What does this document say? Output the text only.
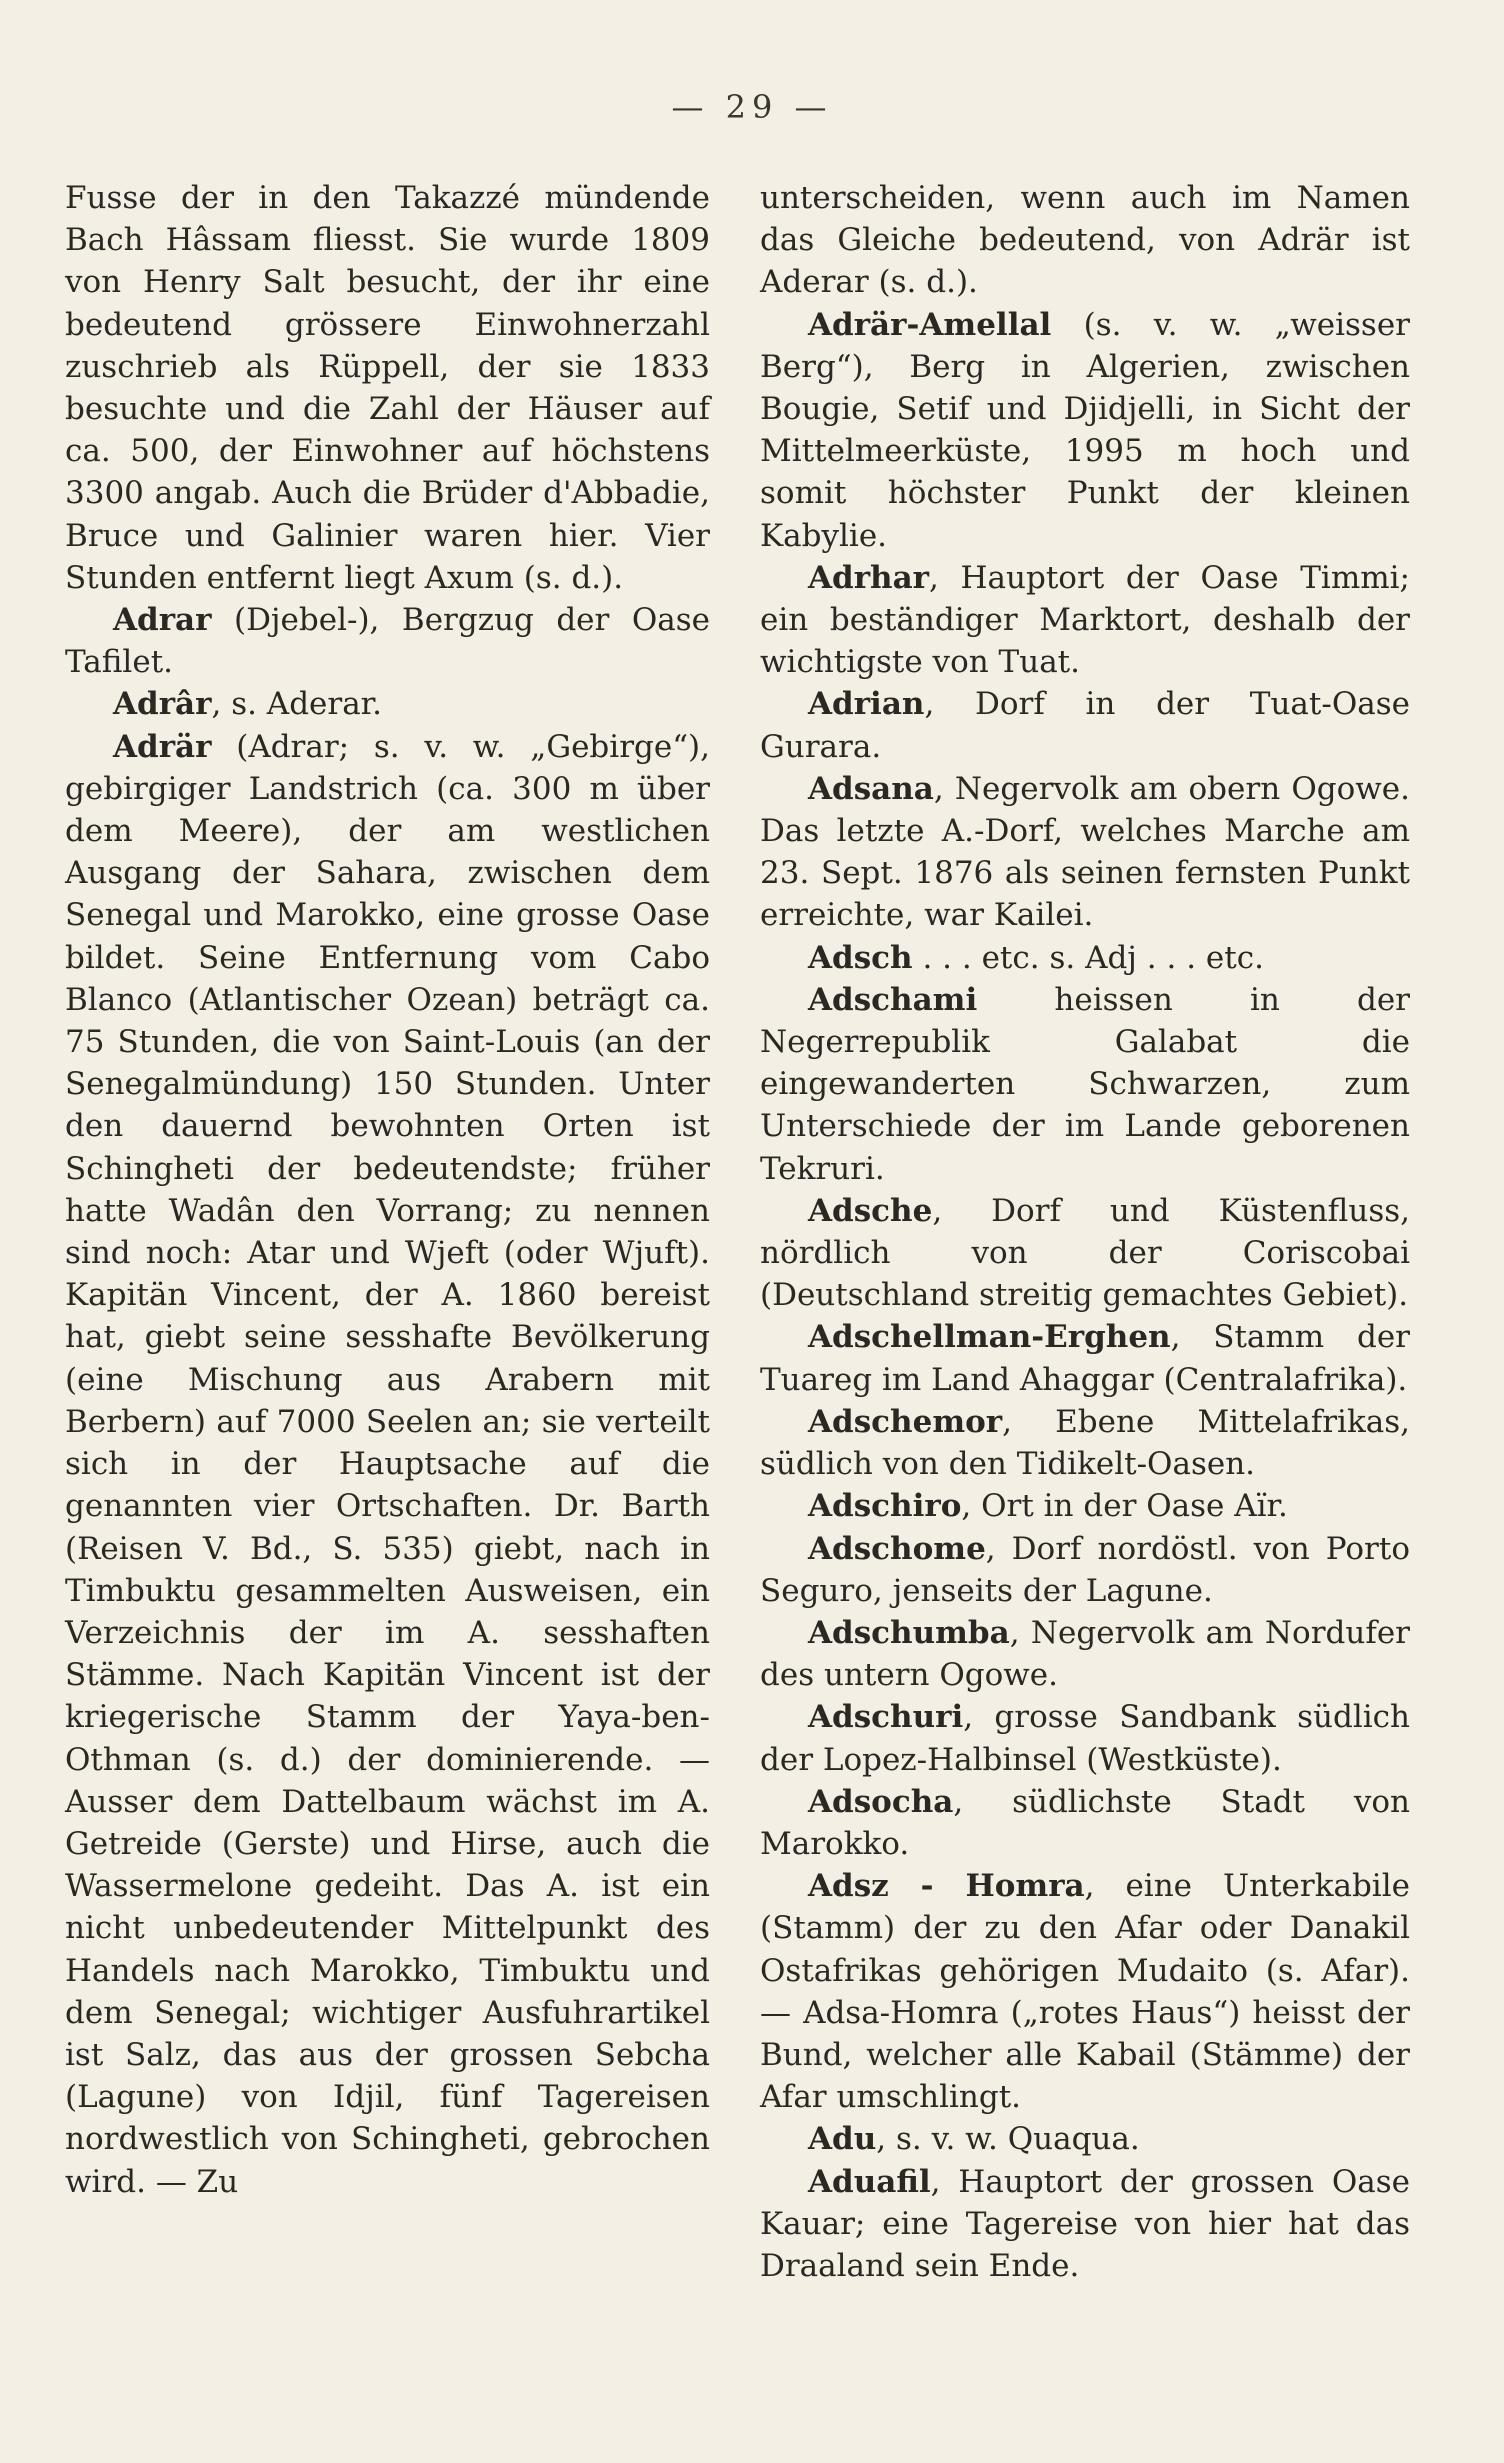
— 29 —

Fusse der in den Takazzé mündende Bach Hâssam fliesst. Sie wurde 1809 von Henry Salt besucht, der ihr eine bedeutend grössere Einwohnerzahl zuschrieb als Rüppell, der sie 1833 besuchte und die Zahl der Häuser auf ca. 500, der Einwohner auf höchstens 3300 angab. Auch die Brüder d'Abbadie, Bruce und Galinier waren hier. Vier Stunden entfernt liegt Axum (s. d.).

Adrar (Djebel-), Bergzug der Oase Tafilet.

Adrâr, s. Aderar.

Adrär (Adrar; s. v. w. „Gebirge“), gebirgiger Landstrich (ca. 300 m über dem Meere), der am westlichen Ausgang der Sahara, zwischen dem Senegal und Marokko, eine grosse Oase bildet. Seine Entfernung vom Cabo Blanco (Atlantischer Ozean) beträgt ca. 75 Stunden, die von Saint-Louis (an der Senegalmündung) 150 Stunden. Unter den dauernd bewohnten Orten ist Schingheti der bedeutendste; früher hatte Wadân den Vorrang; zu nennen sind noch: Atar und Wjeft (oder Wjuft). Kapitän Vincent, der A. 1860 bereist hat, giebt seine sesshafte Bevölkerung (eine Mischung aus Arabern mit Berbern) auf 7000 Seelen an; sie verteilt sich in der Hauptsache auf die genannten vier Ortschaften. Dr. Barth (Reisen V. Bd., S. 535) giebt, nach in Timbuktu gesammelten Ausweisen, ein Verzeichnis der im A. sesshaften Stämme. Nach Kapitän Vincent ist der kriegerische Stamm der Yaya-ben-Othman (s. d.) der dominierende. — Ausser dem Dattelbaum wächst im A. Getreide (Gerste) und Hirse, auch die Wassermelone gedeiht. Das A. ist ein nicht unbedeutender Mittelpunkt des Handels nach Marokko, Timbuktu und dem Senegal; wichtiger Ausfuhrartikel ist Salz, das aus der grossen Sebcha (Lagune) von Idjil, fünf Tagereisen nordwestlich von Schingheti, gebrochen wird. — Zu

unterscheiden, wenn auch im Namen das Gleiche bedeutend, von Adrär ist Aderar (s. d.).

Adrär-Amellal (s. v. w. „weisser Berg“), Berg in Algerien, zwischen Bougie, Setif und Djidjelli, in Sicht der Mittelmeerküste, 1995 m hoch und somit höchster Punkt der kleinen Kabylie.

Adrhar, Hauptort der Oase Timmi; ein beständiger Marktort, deshalb der wichtigste von Tuat.

Adrian, Dorf in der Tuat-Oase Gurara.

Adsana, Negervolk am obern Ogowe. Das letzte A.-Dorf, welches Marche am 23. Sept. 1876 als seinen fernsten Punkt erreichte, war Kailei.

Adsch . . . etc. s. Adj . . . etc.

Adschami heissen in der Negerrepublik Galabat die eingewanderten Schwarzen, zum Unterschiede der im Lande geborenen Tekruri.

Adsche, Dorf und Küstenfluss, nördlich von der Coriscobai (Deutschland streitig gemachtes Gebiet).

Adschellman-Erghen, Stamm der Tuareg im Land Ahaggar (Centralafrika).

Adschemor, Ebene Mittelafrikas, südlich von den Tidikelt-Oasen.

Adschiro, Ort in der Oase Aïr.

Adschome, Dorf nordöstl. von Porto Seguro, jenseits der Lagune.

Adschumba, Negervolk am Nordufer des untern Ogowe.

Adschuri, grosse Sandbank südlich der Lopez-Halbinsel (Westküste).

Adsocha, südlichste Stadt von Marokko.

Adsz - Homra, eine Unterkabile (Stamm) der zu den Afar oder Danakil Ostafrikas gehörigen Mudaito (s. Afar). — Adsa-Homra („rotes Haus“) heisst der Bund, welcher alle Kabail (Stämme) der Afar umschlingt.

Adu, s. v. w. Quaqua.

Aduafil, Hauptort der grossen Oase Kauar; eine Tagereise von hier hat das Draaland sein Ende.
